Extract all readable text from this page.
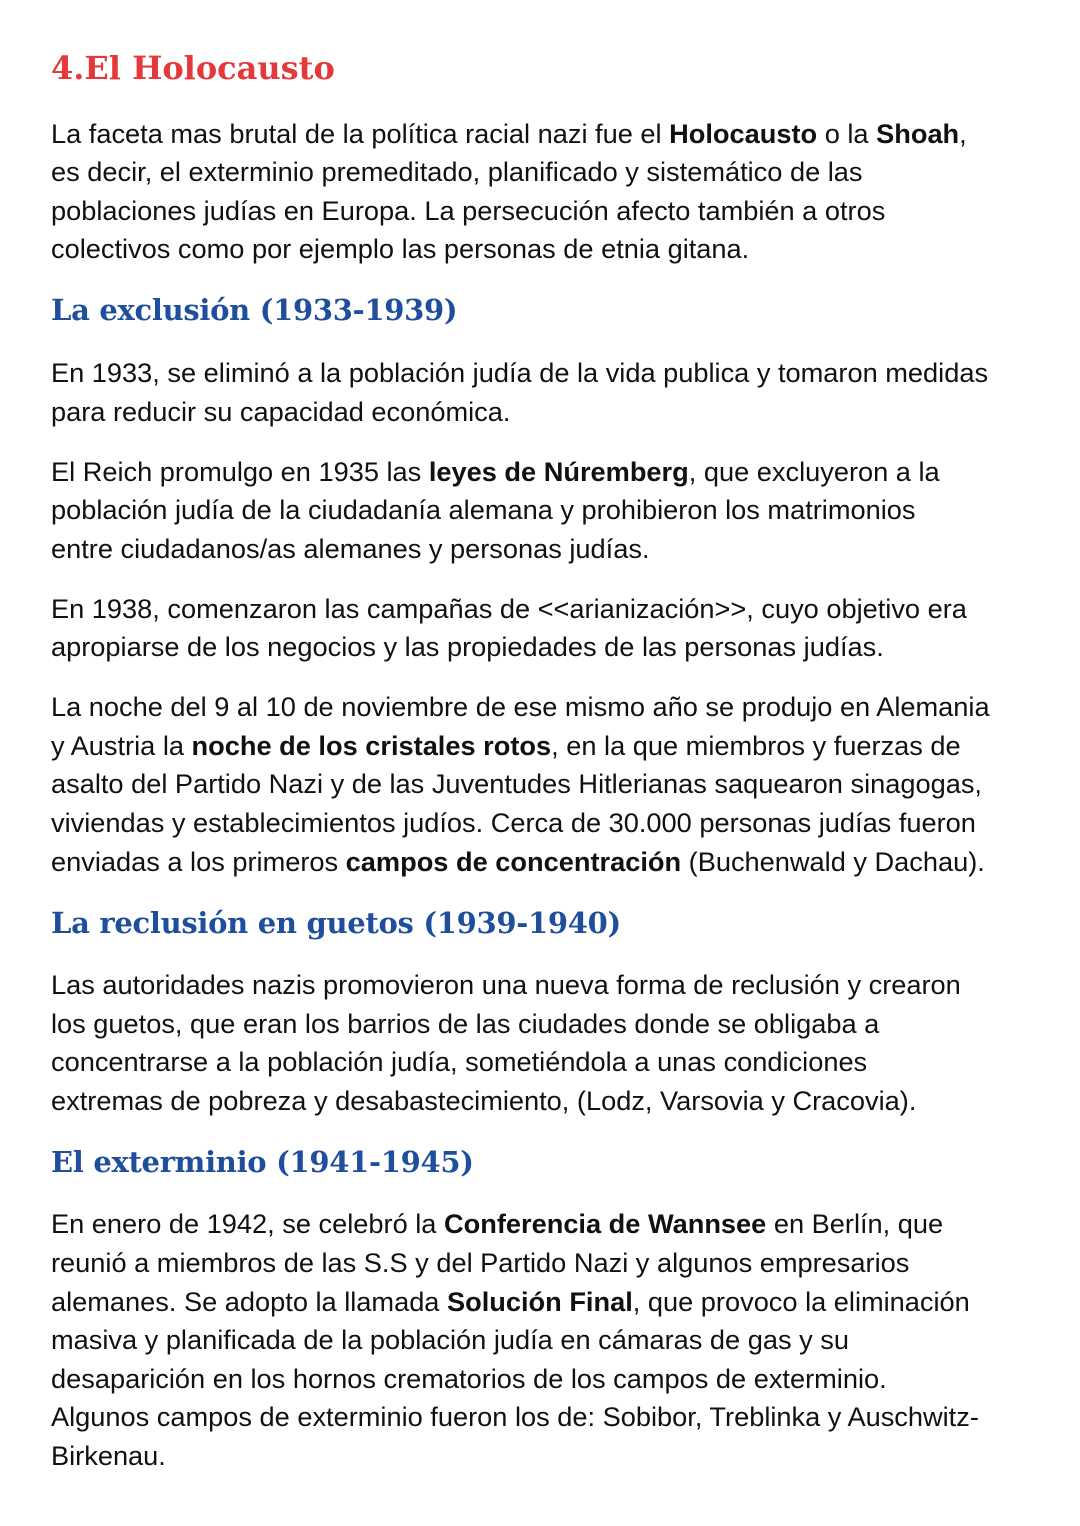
4.El Holocausto
La faceta mas brutal de la política racial nazi fue el Holocausto o la Shoah,
es decir, el exterminio premeditado, planificado y sistemático de las
poblaciones judías en Europa. La persecución afecto también a otros
colectivos como por ejemplo las personas de etnia gitana.
La exclusión (1933-1939)
En 1933, se eliminó a la población judía de la vida publica y tomaron medidas
para reducir su capacidad económica.
El Reich promulgo en 1935 las leyes de Núremberg, que excluyeron a la
población judía de la ciudadanía alemana y prohibieron los matrimonios
entre ciudadanos/as alemanes y personas judías.
En 1938, comenzaron las campañas de <<arianización>>, cuyo objetivo era
apropiarse de los negocios y las propiedades de las personas judías.
La noche del 9 al 10 de noviembre de ese mismo año se produjo en Alemania
y Austria la noche de los cristales rotos, en la que miembros y fuerzas de
asalto del Partido Nazi y de las Juventudes Hitlerianas saquearon sinagogas,
viviendas y establecimientos judíos. Cerca de 30.000 personas judías fueron
enviadas a los primeros campos de concentración (Buchenwald y Dachau).
La reclusión en guetos (1939-1940)
Las autoridades nazis promovieron una nueva forma de reclusión y crearon
los guetos, que eran los barrios de las ciudades donde se obligaba a
concentrarse a la población judía, sometiéndola a unas condiciones
extremas de pobreza y desabastecimiento, (Lodz, Varsovia y Cracovia).
El exterminio (1941-1945)
En enero de 1942, se celebró la Conferencia de Wannsee en Berlín, que
reunió a miembros de las S.S y del Partido Nazi y algunos empresarios
alemanes. Se adopto la llamada Solución Final, que provoco la eliminación
masiva y planificada de la población judía en cámaras de gas y su
desaparición en los hornos crematorios de los campos de exterminio.
Algunos campos de exterminio fueron los de: Sobibor, Treblinka y Auschwitz-
Birkenau.
